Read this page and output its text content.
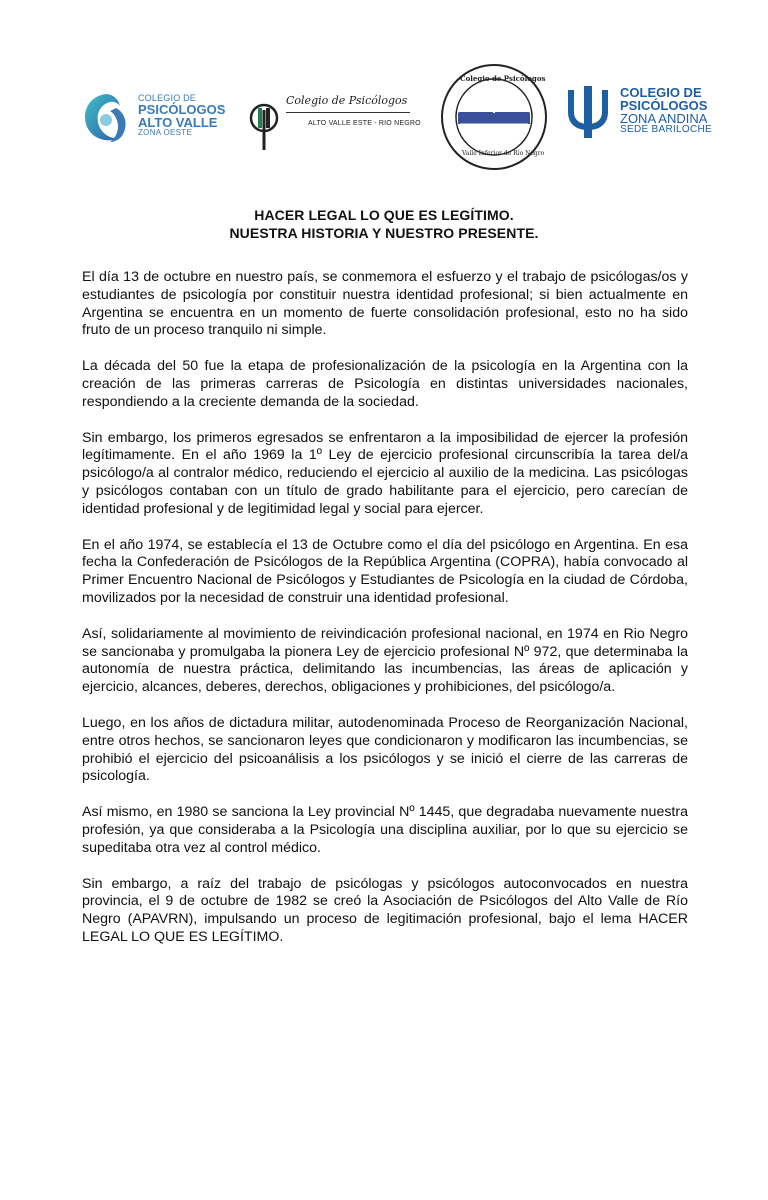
COLEGIO DE
PSICÓLOGOS
ALTO VALLE
ZONA OESTE
Colegio de Psicólogos
ALTO VALLE ESTE - RIO NEGRO
Colegio de Psicólogos
Valle Inferior de Río Negro
COLEGIO DE
PSICÓLOGOS
ZONA ANDINA
SEDE BARILOCHE
HACER LEGAL LO QUE ES LEGÍTIMO.
NUESTRA HISTORIA Y NUESTRO PRESENTE.

El día 13 de octubre en nuestro país, se conmemora el esfuerzo y el trabajo de psicólogas/os y estudiantes de psicología por constituir nuestra identidad profesional; si bien actualmente en Argentina se encuentra en un momento de fuerte consolidación profesional, esto no ha sido fruto de un proceso tranquilo ni simple.

La década del 50 fue la etapa de profesionalización de la psicología en la Argentina con la creación de las primeras carreras de Psicología en distintas universidades nacionales, respondiendo a la creciente demanda de la sociedad.

Sin embargo, los primeros egresados se enfrentaron a la imposibilidad de ejercer la profesión legítimamente. En el año 1969 la 1º Ley de ejercicio profesional circunscribía la tarea del/a psicólogo/a al contralor médico, reduciendo el ejercicio al auxilio de la medicina. Las psicólogas y psicólogos contaban con un título de grado habilitante para el ejercicio, pero carecían de identidad profesional y de legitimidad legal y social para ejercer.

En el año 1974, se establecía el 13 de Octubre como el día del psicólogo en Argentina. En esa fecha la Confederación de Psicólogos de la República Argentina (COPRA), había convocado al Primer Encuentro Nacional de Psicólogos y Estudiantes de Psicología en la ciudad de Córdoba, movilizados por la necesidad de construir una identidad profesional.

Así, solidariamente al movimiento de reivindicación profesional nacional, en 1974 en Rio Negro se sancionaba y promulgaba la pionera Ley de ejercicio profesional Nº 972, que determinaba la autonomía de nuestra práctica, delimitando las incumbencias, las áreas de aplicación y ejercicio, alcances, deberes, derechos, obligaciones y prohibiciones, del psicólogo/a.

Luego, en los años de dictadura militar, autodenominada Proceso de Reorganización Nacional, entre otros hechos, se sancionaron leyes que condicionaron y modificaron las incumbencias, se prohibió el ejercicio del psicoanálisis a los psicólogos y se inició el cierre de las carreras de psicología.

Así mismo, en 1980 se sanciona la Ley provincial Nº 1445, que degradaba nuevamente nuestra profesión, ya que consideraba a la Psicología una disciplina auxiliar, por lo que su ejercicio se supeditaba otra vez al control médico.

Sin embargo, a raíz del trabajo de psicólogas y psicólogos autoconvocados en nuestra provincia, el 9 de octubre de 1982 se creó la Asociación de Psicólogos del Alto Valle de Río Negro (APAVRN), impulsando un proceso de legitimación profesional, bajo el lema HACER LEGAL LO QUE ES LEGÍTIMO.
